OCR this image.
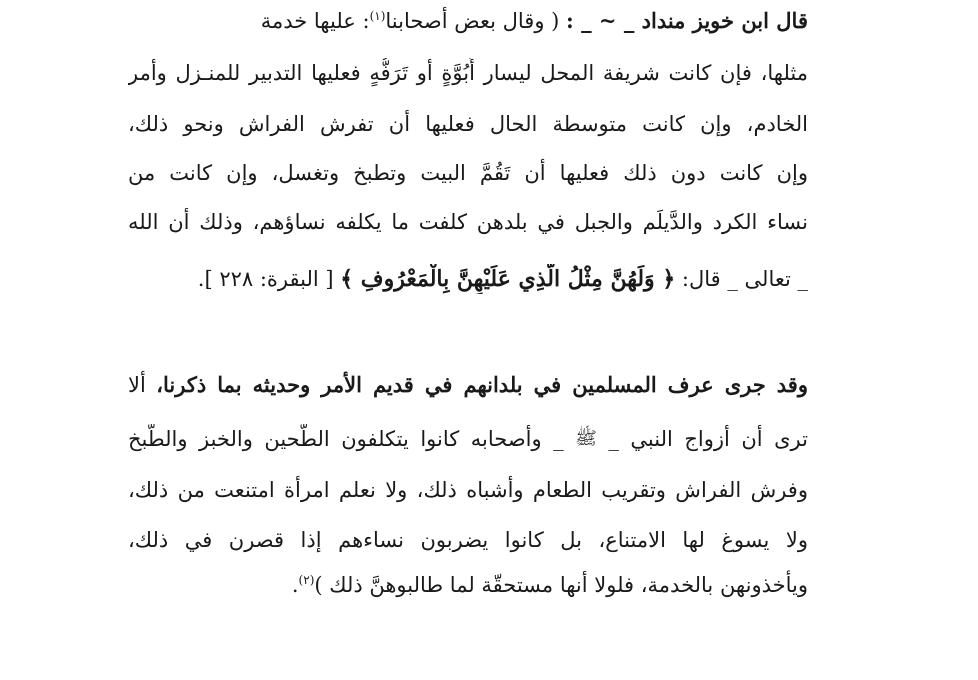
قال ابن خويز منداد _ ~ _ : ( وقال بعض أصحابنا$^{(١)}$: عليها خدمة
مثلها، فإن كانت شريفة المحل ليسار أُبُوَّةٍ أو تَرَفُّهٍ فعليها التدبير للمنـزل وأمر
الخادم، وإن كانت متوسطة الحال فعليها أن تفرش الفراش ونحو ذلك،
وإن كانت دون ذلك فعليها أن تَقُمَّ البيت وتطبخ وتغسل، وإن كانت من
نساء الكرد والدَّيلَم والجبل في بلدهن كلفت ما يكلفه نساؤهم، وذلك أن الله
_ تعالى _ قال: ﴿ وَلَهُنَّ مِثْلُ الَّذِي عَلَيْهِنَّ بِالْمَعْرُوفِ ﴾ [ البقرة: ٢٢٨ ].
وقد جرى عرف المسلمين في بلدانهم في قديم الأمر وحديثه بما ذكرنا، ألا
ترى أن أزواج النبي _ ﷺ _ وأصحابه كانوا يتكلفون الطَّحين والخبز والطَّبخ
وفرش الفراش وتقريب الطعام وأشباه ذلك، ولا نعلم امرأة امتنعت من ذلك،
ولا يسوغ لها الامتناع، بل كانوا يضربون نساءهم إذا قصرن في ذلك،
ويأخذونهن بالخدمة، فلولا أنها مستحقّة لما طالبوهنَّ ذلك )$^{(٢)}$.
